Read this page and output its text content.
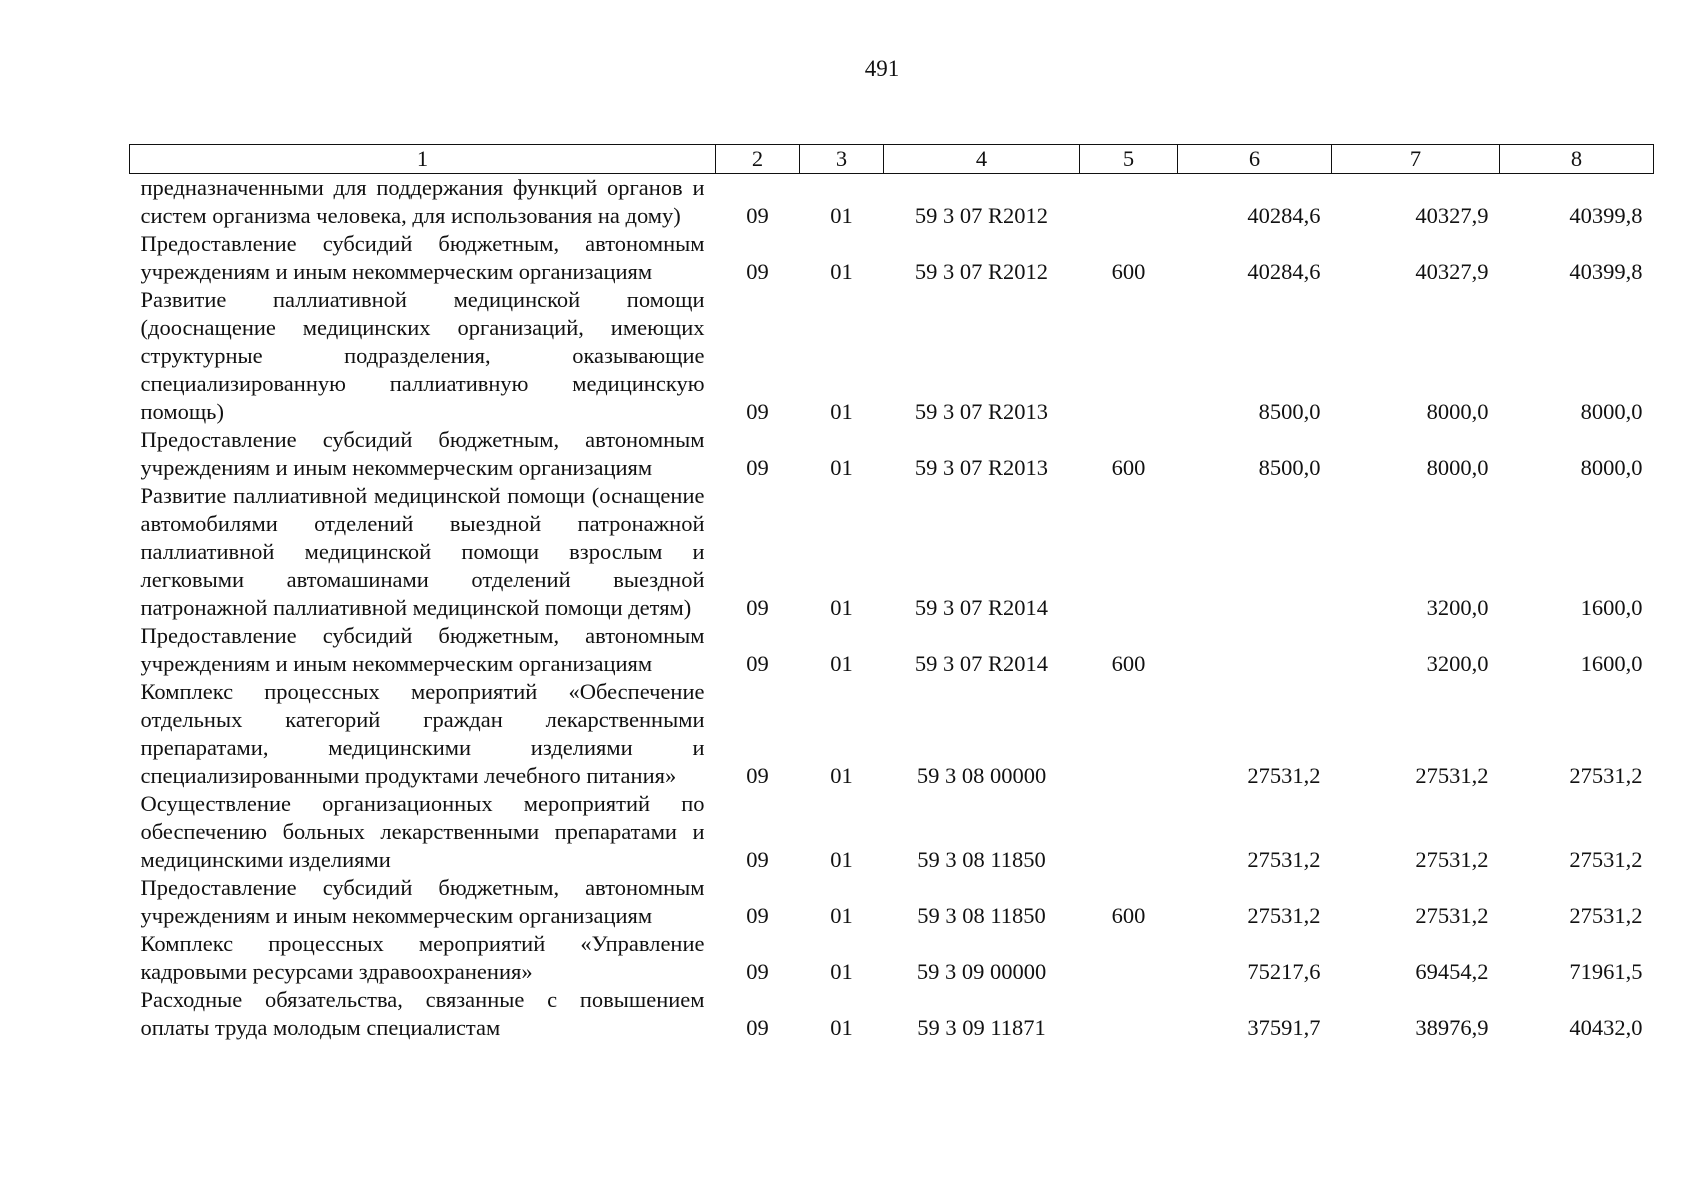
491
1	2	3	4	5	6	7	8
предназначенными для поддержания функций органов и систем организма человека, для использования на дому)	09	01	59 3 07 R2012		40284,6	40327,9	40399,8
Предоставление субсидий бюджетным, автономным учреждениям и иным некоммерческим организациям	09	01	59 3 07 R2012	600	40284,6	40327,9	40399,8
Развитие паллиативной медицинской помощи (дооснащение медицинских организаций, имеющих структурные подразделения, оказывающие специализированную паллиативную медицинскую помощь)	09	01	59 3 07 R2013		8500,0	8000,0	8000,0
Предоставление субсидий бюджетным, автономным учреждениям и иным некоммерческим организациям	09	01	59 3 07 R2013	600	8500,0	8000,0	8000,0
Развитие паллиативной медицинской помощи (оснащение автомобилями отделений выездной патронажной паллиативной медицинской помощи взрослым и легковыми автомашинами отделений выездной патронажной паллиативной медицинской помощи детям)	09	01	59 3 07 R2014			3200,0	1600,0
Предоставление субсидий бюджетным, автономным учреждениям и иным некоммерческим организациям	09	01	59 3 07 R2014	600		3200,0	1600,0
Комплекс процессных мероприятий «Обеспечение отдельных категорий граждан лекарственными препаратами, медицинскими изделиями и специализированными продуктами лечебного питания»	09	01	59 3 08 00000		27531,2	27531,2	27531,2
Осуществление организационных мероприятий по обеспечению больных лекарственными препаратами и медицинскими изделиями	09	01	59 3 08 11850		27531,2	27531,2	27531,2
Предоставление субсидий бюджетным, автономным учреждениям и иным некоммерческим организациям	09	01	59 3 08 11850	600	27531,2	27531,2	27531,2
Комплекс процессных мероприятий «Управление кадровыми ресурсами здравоохранения»	09	01	59 3 09 00000		75217,6	69454,2	71961,5
Расходные обязательства, связанные с повышением оплаты труда молодым специалистам	09	01	59 3 09 11871		37591,7	38976,9	40432,0
